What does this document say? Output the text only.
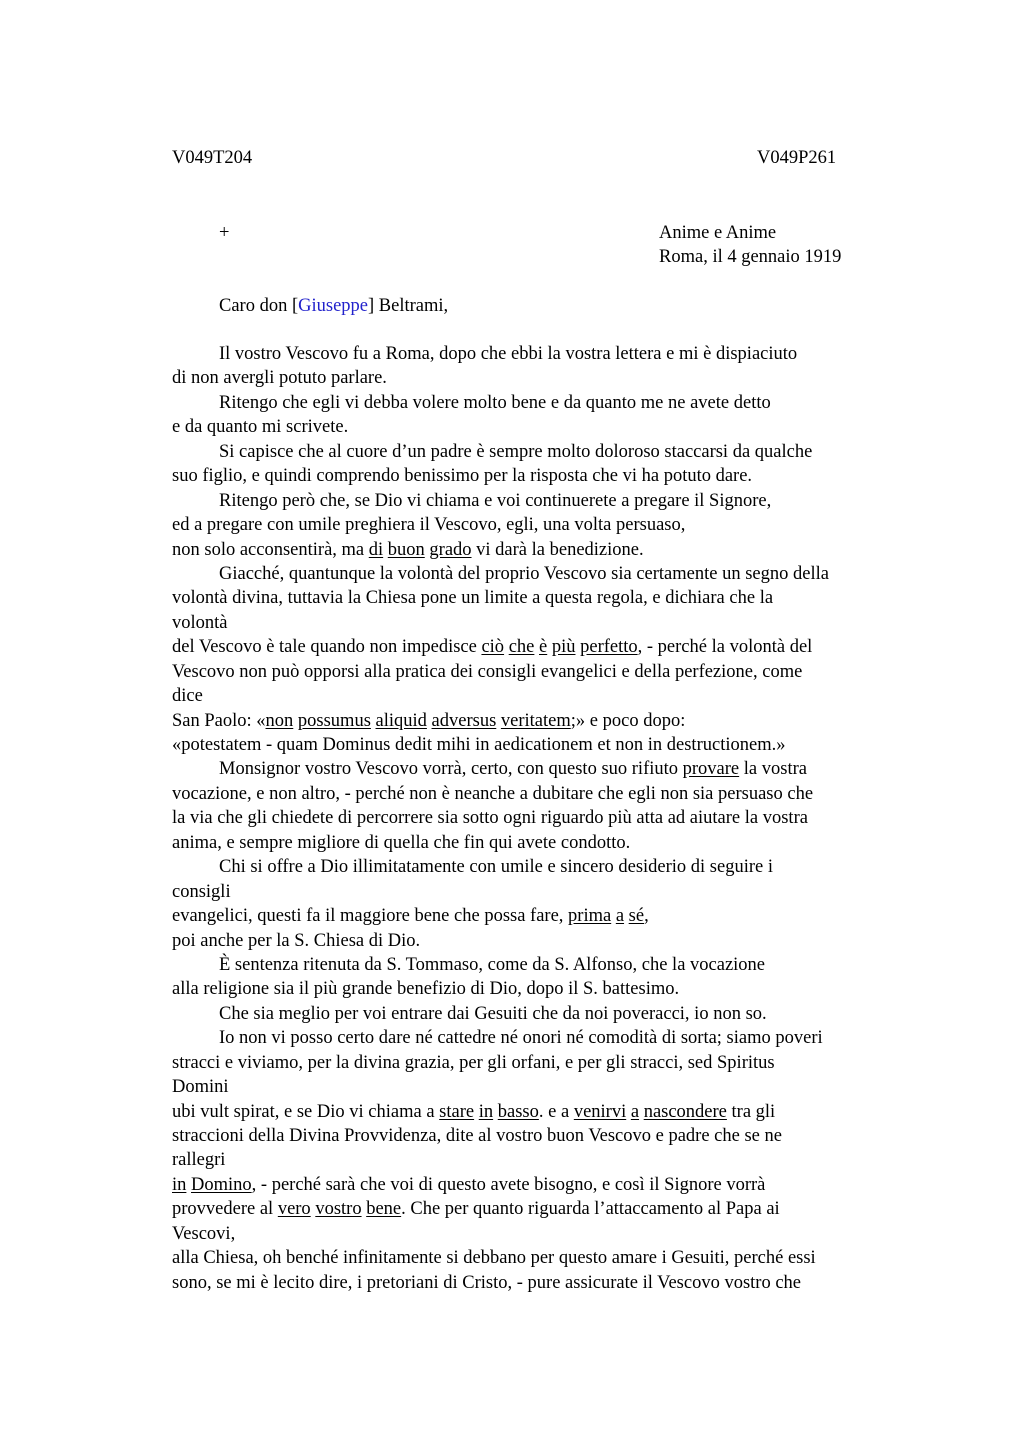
V049T204	V049P261
+	Anime e Anime
Roma, il 4 gennaio 1919
Caro don [Giuseppe] Beltrami,
Il vostro Vescovo fu a Roma, dopo che ebbi la vostra lettera e mi è dispiaciuto
di non avergli potuto parlare.
Ritengo che egli vi debba volere molto bene e da quanto me ne avete detto
e da quanto mi scrivete.
Si capisce che al cuore d’un padre è sempre molto doloroso staccarsi da qualche
suo figlio, e quindi comprendo benissimo per la risposta che vi ha potuto dare.
Ritengo però che, se Dio vi chiama e voi continuerete a pregare il Signore,
ed a pregare con umile preghiera il Vescovo, egli, una volta persuaso,
non solo acconsentirà, ma di buon grado vi darà la benedizione.
Giacché, quantunque la volontà del proprio Vescovo sia certamente un segno della
volontà divina, tuttavia la Chiesa pone un limite a questa regola, e dichiara che la
volontà
del Vescovo è tale quando non impedisce ciò che è più perfetto, - perché la volontà del
Vescovo non può opporsi alla pratica dei consigli evangelici e della perfezione, come
dice
San Paolo: «non possumus aliquid adversus veritatem;» e poco dopo:
«potestatem - quam Dominus dedit mihi in aedicationem et non in destructionem.»
Monsignor vostro Vescovo vorrà, certo, con questo suo rifiuto provare la vostra
vocazione, e non altro, - perché non è neanche a dubitare che egli non sia persuaso che
la via che gli chiedete di percorrere sia sotto ogni riguardo più atta ad aiutare la vostra
anima, e sempre migliore di quella che fin qui avete condotto.
Chi si offre a Dio illimitatamente con umile e sincero desiderio di seguire i
consigli
evangelici, questi fa il maggiore bene che possa fare, prima a sé,
poi anche per la S. Chiesa di Dio.
È sentenza ritenuta da S. Tommaso, come da S. Alfonso, che la vocazione
alla religione sia il più grande benefizio di Dio, dopo il S. battesimo.
Che sia meglio per voi entrare dai Gesuiti che da noi poveracci, io non so.
Io non vi posso certo dare né cattedre né onori né comodità di sorta; siamo poveri
stracci e viviamo, per la divina grazia, per gli orfani, e per gli stracci, sed Spiritus
Domini
ubi vult spirat, e se Dio vi chiama a stare in basso. e a venirvi a nascondere tra gli
straccioni della Divina Provvidenza, dite al vostro buon Vescovo e padre che se ne
rallegri
in Domino, - perché sarà che voi di questo avete bisogno, e così il Signore vorrà
provvedere al vero vostro bene. Che per quanto riguarda l’attaccamento al Papa ai
Vescovi,
alla Chiesa, oh benché infinitamente si debbano per questo amare i Gesuiti, perché essi
sono, se mi è lecito dire, i pretoriani di Cristo, - pure assicurate il Vescovo vostro che
